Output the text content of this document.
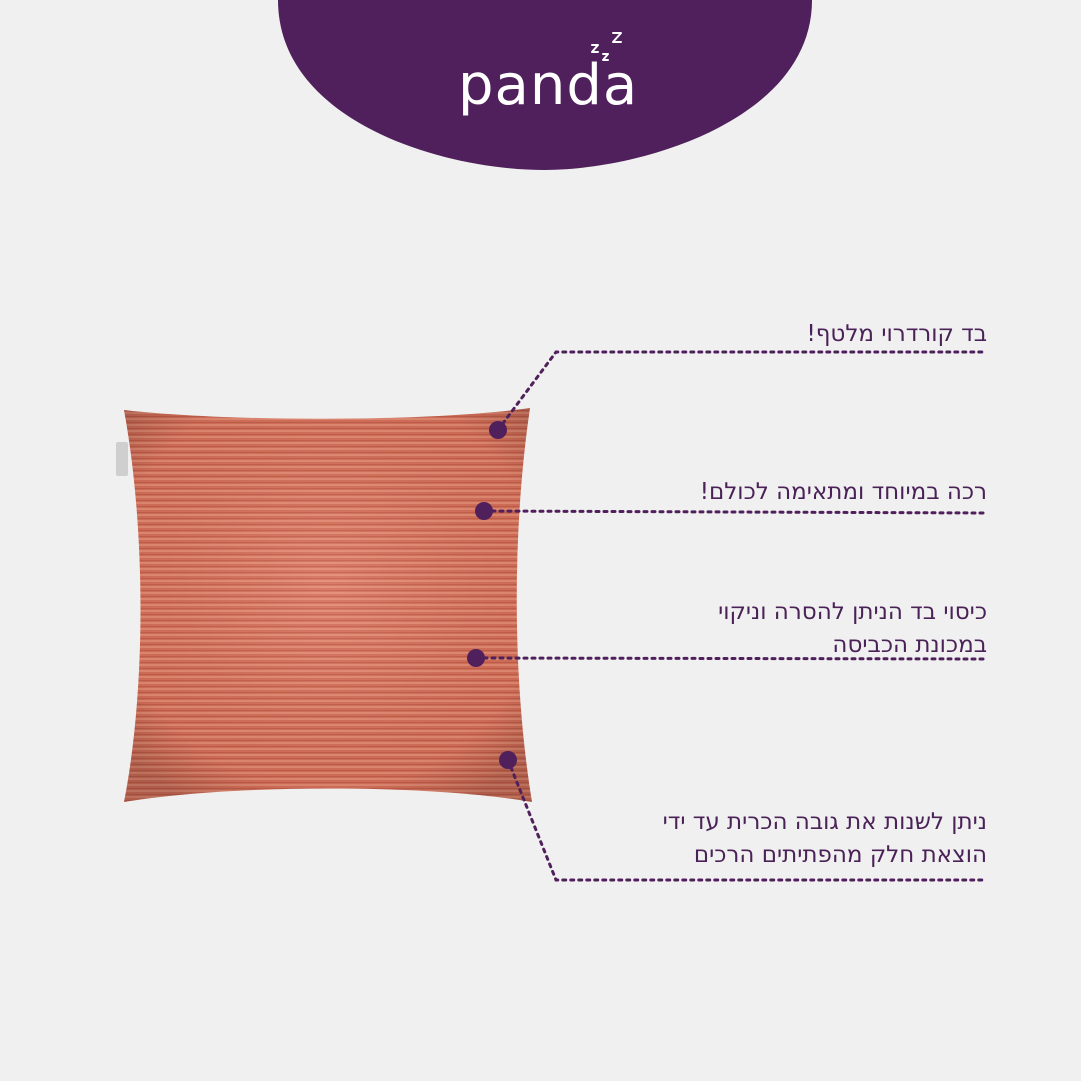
panda
בד קורדרוי מלטף!
רכה במיוחד ומתאימה לכולם!
כיסוי בד הניתן להסרה וניקוי
במכונת הכביסה
ניתן לשנות את גובה הכרית עד ידי
הוצאת חלק מהפתיתים הרכים
